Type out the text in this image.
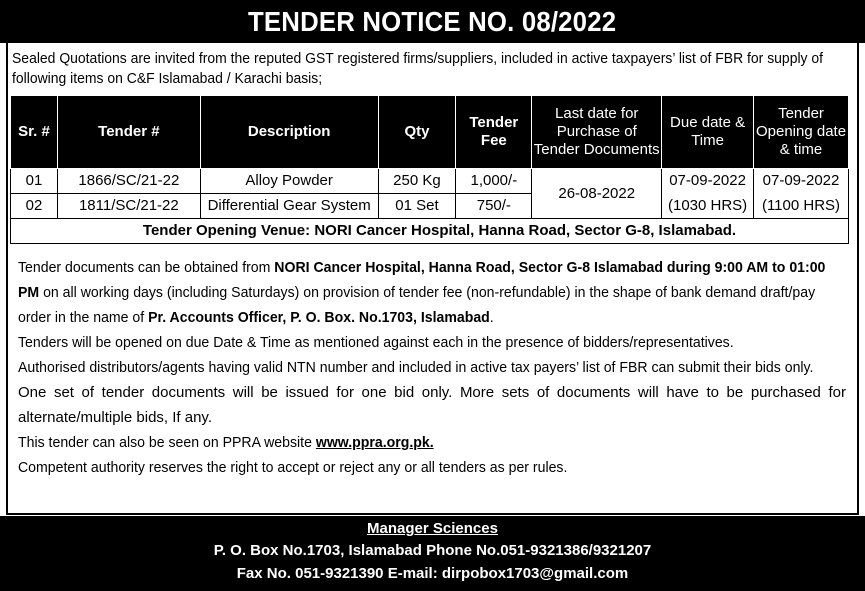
TENDER NOTICE NO. 08/2022

Sealed Quotations are invited from the reputed GST registered firms/suppliers, included in active taxpayers’ list of FBR for supply of

following items on C&F Islamabad / Karachi basis;

Sr. #	Tender #	Description	Qty	Tender Fee	Last date for Purchase of Tender Documents	Due date & Time	Tender Opening date & time
01	1866/SC/21-22	Alloy Powder	250 Kg	1,000/-	26-08-2022	07-09-2022	07-09-2022
02	1811/SC/21-22	Differential Gear System	01 Set	750/-		(1030 HRS)	(1100 HRS)
Tender Opening Venue: NORI Cancer Hospital, Hanna Road, Sector G-8, Islamabad.							

Tender documents can be obtained from NORI Cancer Hospital, Hanna Road, Sector G-8 Islamabad during 9:00 AM to 01:00
PM on all working days (including Saturdays) on provision of tender fee (non-refundable) in the shape of bank demand draft/pay
order in the name of Pr. Accounts Officer, P. O. Box. No.1703, Islamabad.

Tenders will be opened on due Date & Time as mentioned against each in the presence of bidders/representatives.

Authorised distributors/agents having valid NTN number and included in active tax payers’ list of FBR can submit their bids only.

One set of tender documents will be issued for one bid only. More sets of documents will have to be purchased for alternate/multiple bids, If any.

This tender can also be seen on PPRA website www.ppra.org.pk.

Competent authority reserves the right to accept or reject any or all tenders as per rules.

Manager Sciences
P. O. Box No.1703, Islamabad Phone No.051-9321386/9321207
Fax No. 051-9321390 E-mail: dirpobox1703@gmail.com
